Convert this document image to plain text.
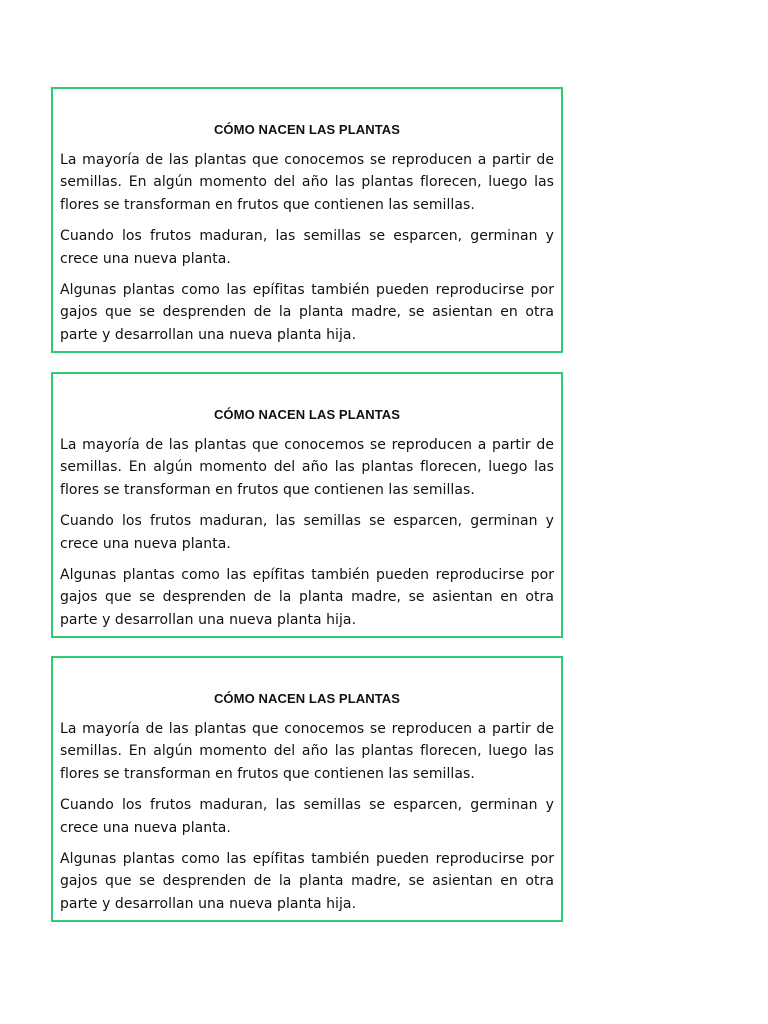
CÓMO NACEN LAS PLANTAS

La mayoría de las plantas que conocemos se reproducen a partir de semillas. En algún momento del año las plantas florecen, luego las flores se transforman en frutos que contienen las semillas.

Cuando los frutos maduran, las semillas se esparcen, germinan y crece una nueva planta.

Algunas plantas como las epífitas también pueden reproducirse por gajos que se desprenden de la planta madre, se asientan en otra parte y desarrollan una nueva planta hija.

CÓMO NACEN LAS PLANTAS

La mayoría de las plantas que conocemos se reproducen a partir de semillas. En algún momento del año las plantas florecen, luego las flores se transforman en frutos que contienen las semillas.

Cuando los frutos maduran, las semillas se esparcen, germinan y crece una nueva planta.

Algunas plantas como las epífitas también pueden reproducirse por gajos que se desprenden de la planta madre, se asientan en otra parte y desarrollan una nueva planta hija.

CÓMO NACEN LAS PLANTAS

La mayoría de las plantas que conocemos se reproducen a partir de semillas. En algún momento del año las plantas florecen, luego las flores se transforman en frutos que contienen las semillas.

Cuando los frutos maduran, las semillas se esparcen, germinan y crece una nueva planta.

Algunas plantas como las epífitas también pueden reproducirse por gajos que se desprenden de la planta madre, se asientan en otra parte y desarrollan una nueva planta hija.
